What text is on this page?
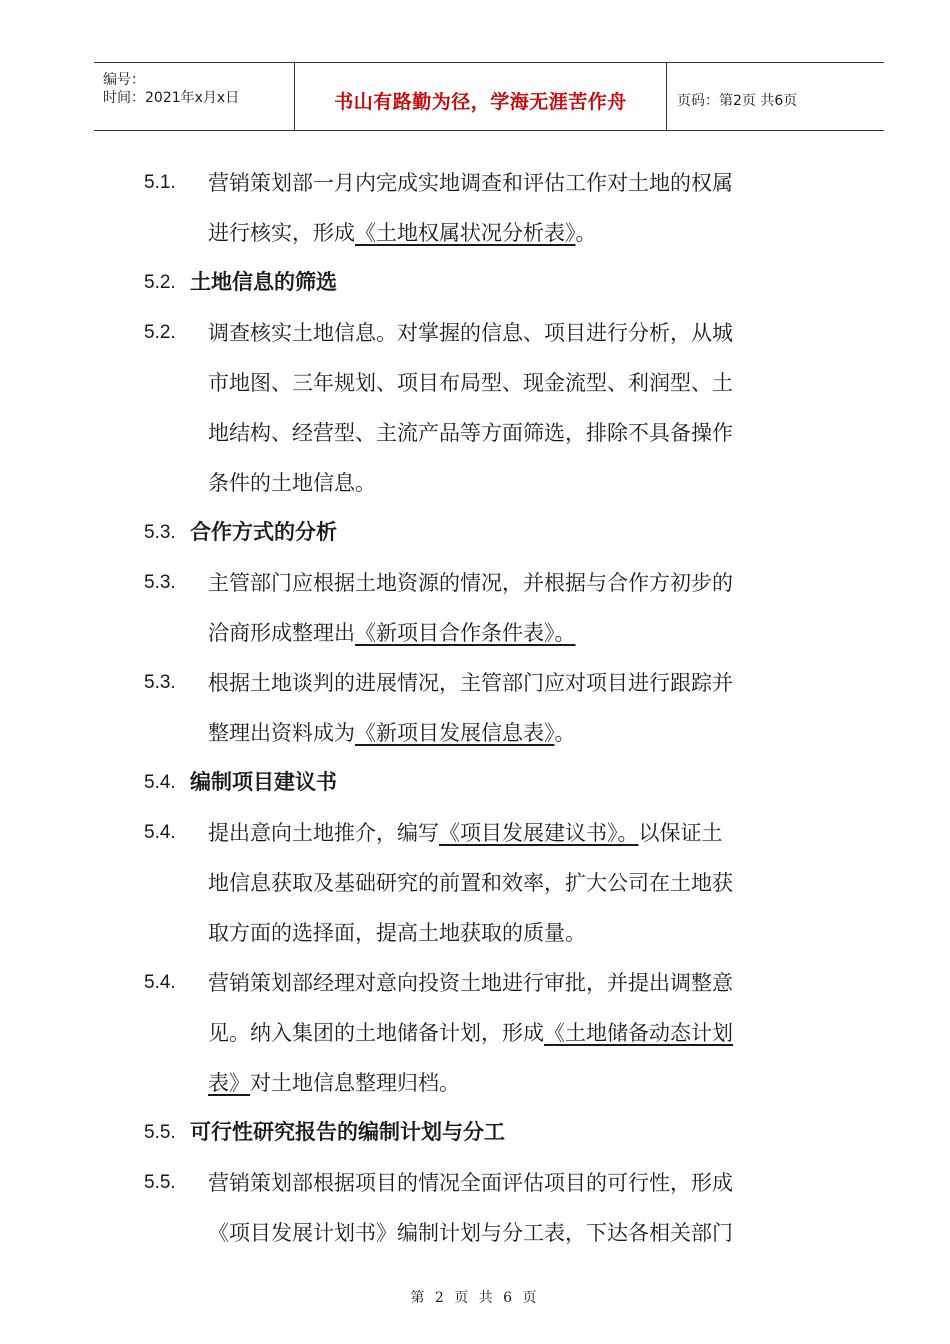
编号：
时间：2021年x月x日	书山有路勤为径，学海无涯苦作舟	页码：第2页 共6页
5.1. 营销策划部一月内完成实地调查和评估工作对土地的权属
进行核实，形成《土地权属状况分析表》。
5.2. 土地信息的筛选
5.2. 调查核实土地信息。对掌握的信息、项目进行分析，从城
市地图、三年规划、项目布局型、现金流型、利润型、土
地结构、经营型、主流产品等方面筛选，排除不具备操作
条件的土地信息。
5.3. 合作方式的分析
5.3. 主管部门应根据土地资源的情况，并根据与合作方初步的
洽商形成整理出《新项目合作条件表》。
5.3. 根据土地谈判的进展情况，主管部门应对项目进行跟踪并
整理出资料成为《新项目发展信息表》。
5.4. 编制项目建议书
5.4. 提出意向土地推介，编写《项目发展建议书》。以保证土
地信息获取及基础研究的前置和效率，扩大公司在土地获
取方面的选择面，提高土地获取的质量。
5.4. 营销策划部经理对意向投资土地进行审批，并提出调整意
见。纳入集团的土地储备计划，形成《土地储备动态计划
表》对土地信息整理归档。
5.5. 可行性研究报告的编制计划与分工
5.5. 营销策划部根据项目的情况全面评估项目的可行性，形成
《项目发展计划书》编制计划与分工表，下达各相关部门
第 2 页 共 6 页
